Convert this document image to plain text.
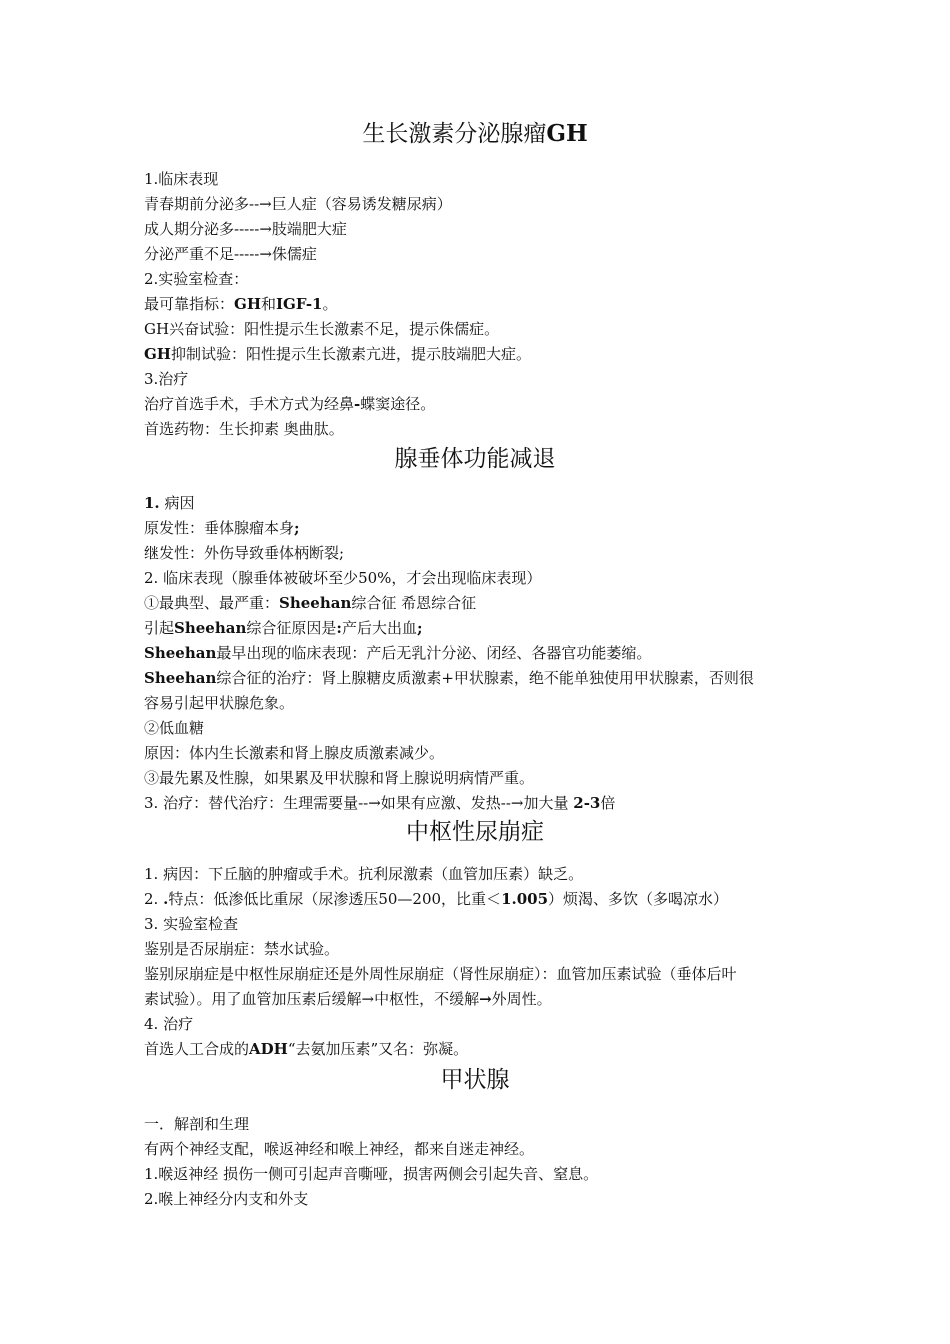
生长激素分泌腺瘤GH
1.临床表现
青春期前分泌多--→巨人症（容易诱发糖尿病）
成人期分泌多-----→肢端肥大症
分泌严重不足-----→侏儒症
2.实验室检查：
最可靠指标：GH和IGF-1。
GH兴奋试验：阳性提示生长激素不足，提示侏儒症。
GH抑制试验：阳性提示生长激素亢进，提示肢端肥大症。
3.治疗
治疗首选手术，手术方式为经鼻-蝶窦途径。
首选药物：生长抑素 奥曲肽。
腺垂体功能减退
1. 病因
原发性：垂体腺瘤本身;
继发性：外伤导致垂体柄断裂;
2. 临床表现（腺垂体被破坏至少50%，才会出现临床表现）
①最典型、最严重：Sheehan综合征 希恩综合征
引起Sheehan综合征原因是:产后大出血;
Sheehan最早出现的临床表现：产后无乳汁分泌、闭经、各器官功能萎缩。
Sheehan综合征的治疗：肾上腺糖皮质激素+甲状腺素，绝不能单独使用甲状腺素，否则很
容易引起甲状腺危象。
②低血糖
原因：体内生长激素和肾上腺皮质激素减少。
③最先累及性腺，如果累及甲状腺和肾上腺说明病情严重。
3. 治疗：替代治疗：生理需要量--→如果有应激、发热--→加大量 2-3倍
中枢性尿崩症
1. 病因：下丘脑的肿瘤或手术。抗利尿激素（血管加压素）缺乏。
2. .特点：低渗低比重尿（尿渗透压50—200，比重＜1.005）烦渴、多饮（多喝凉水）
3. 实验室检查
鉴别是否尿崩症：禁水试验。
鉴别尿崩症是中枢性尿崩症还是外周性尿崩症（肾性尿崩症）：血管加压素试验（垂体后叶
素试验）。用了血管加压素后缓解→中枢性，不缓解→外周性。
4. 治疗
首选人工合成的ADH“去氨加压素”又名：弥凝。
甲状腺
一．解剖和生理
有两个神经支配，喉返神经和喉上神经，都来自迷走神经。
1.喉返神经 损伤一侧可引起声音嘶哑，损害两侧会引起失音、窒息。
2.喉上神经分内支和外支
